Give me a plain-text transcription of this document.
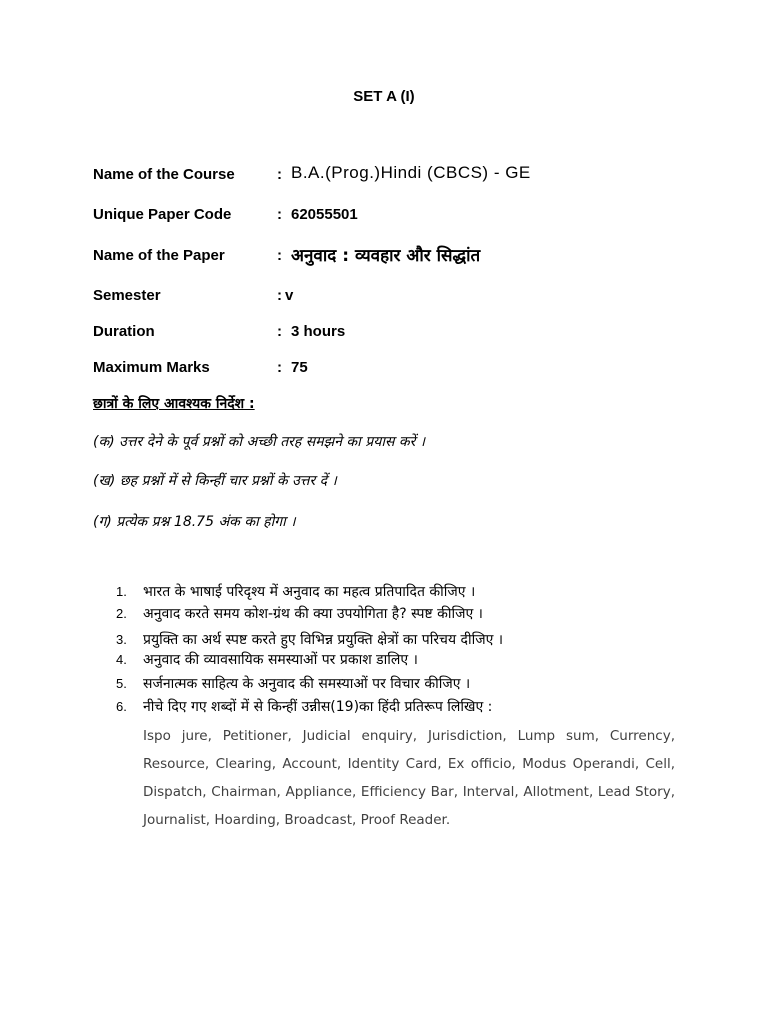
SET A (I)
Name of the Course	: B.A.(Prog.)Hindi (CBCS) - GE
Unique Paper Code	: 62055501
Name of the Paper	: अनुवाद : व्यवहार और सिद्धांत
Semester	: v
Duration	: 3 hours
Maximum Marks	: 75
छात्रों के लिए आवश्यक निर्देश :
(क) उत्तर देने के पूर्व प्रश्नों को अच्छी तरह समझने का प्रयास करें ।
(ख) छह प्रश्नों में से किन्हीं चार प्रश्नों के उत्तर दें ।
(ग) प्रत्येक प्रश्न 18.75 अंक का होगा ।
1. भारत के भाषाई परिदृश्य में अनुवाद का महत्व प्रतिपादित कीजिए ।
2. अनुवाद करते समय कोश-ग्रंथ की क्या उपयोगिता है? स्पष्ट कीजिए ।
3. प्रयुक्ति का अर्थ स्पष्ट करते हुए विभिन्न प्रयुक्ति क्षेत्रों का परिचय दीजिए ।
4. अनुवाद की व्यावसायिक समस्याओं पर प्रकाश डालिए ।
5. सर्जनात्मक साहित्य के अनुवाद की समस्याओं पर विचार कीजिए ।
6. नीचे दिए गए शब्दों में से किन्हीं उन्नीस(19)का हिंदी प्रतिरूप लिखिए :
Ispo jure, Petitioner, Judicial enquiry, Jurisdiction, Lump sum, Currency, Resource, Clearing, Account, Identity Card, Ex officio, Modus Operandi, Cell, Dispatch, Chairman, Appliance, Efficiency Bar, Interval, Allotment, Lead Story, Journalist, Hoarding, Broadcast, Proof Reader.
